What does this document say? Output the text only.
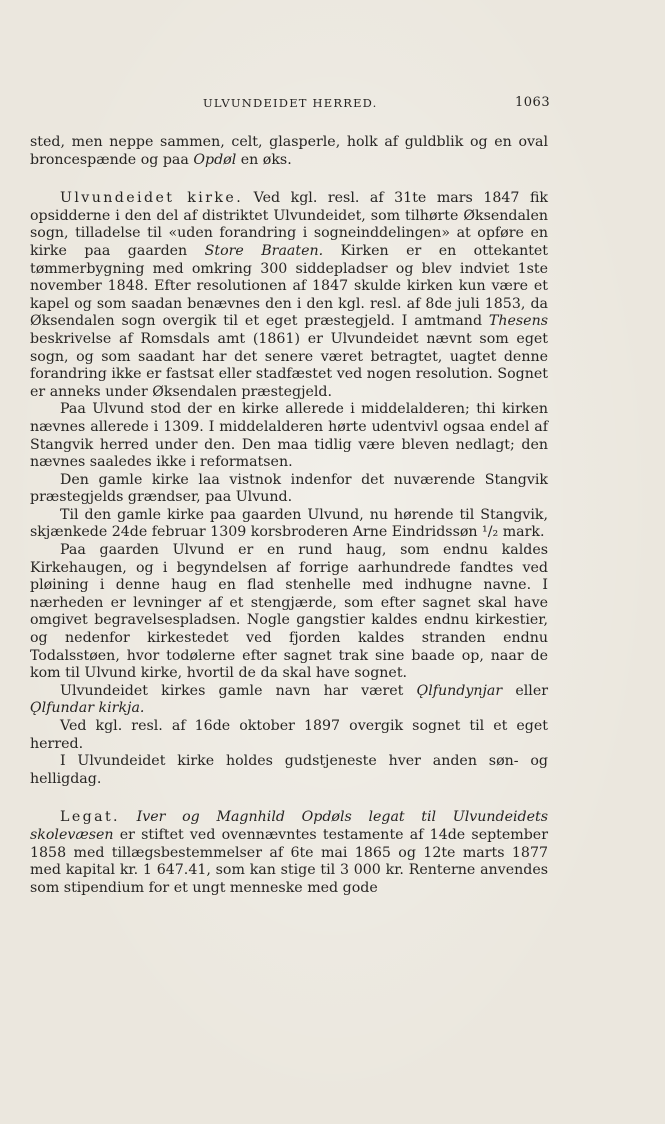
ULVUNDEIDET HERRED.	1063

sted, men neppe sammen, celt, glasperle, holk af guldblik og en oval broncespænde og paa Opdøl en øks.

Ulvundeidet kirke. Ved kgl. resl. af 31te mars 1847 fik opsidderne i den del af distriktet Ulvundeidet, som tilhørte Øksendalen sogn, tilladelse til «uden forandring i sogneinddelingen» at opføre en kirke paa gaarden Store Braaten. Kirken er en ottekantet tømmerbygning med omkring 300 siddepladser og blev indviet 1ste november 1848. Efter resolutionen af 1847 skulde kirken kun være et kapel og som saadan benævnes den i den kgl. resl. af 8de juli 1853, da Øksendalen sogn overgik til et eget præstegjeld. I amtmand Thesens beskrivelse af Romsdals amt (1861) er Ulvundeidet nævnt som eget sogn, og som saadant har det senere været betragtet, uagtet denne forandring ikke er fastsat eller stadfæstet ved nogen resolution. Sognet er anneks under Øksendalen præstegjeld.

Paa Ulvund stod der en kirke allerede i middelalderen; thi kirken nævnes allerede i 1309. I middelalderen hørte udentvivl ogsaa endel af Stangvik herred under den. Den maa tidlig være bleven nedlagt; den nævnes saaledes ikke i reformatsen.

Den gamle kirke laa vistnok indenfor det nuværende Stangvik præstegjelds grændser, paa Ulvund.

Til den gamle kirke paa gaarden Ulvund, nu hørende til Stangvik, skjænkede 24de februar 1309 korsbroderen Arne Eindridssøn ¹/₂ mark.

Paa gaarden Ulvund er en rund haug, som endnu kaldes Kirkehaugen, og i begyndelsen af forrige aarhundrede fandtes ved pløining i denne haug en flad stenhelle med indhugne navne. I nærheden er levninger af et stengjærde, som efter sagnet skal have omgivet begravelsespladsen. Nogle gangstier kaldes endnu kirkestier, og nedenfor kirkestedet ved fjorden kaldes stranden endnu Todalsstøen, hvor todølerne efter sagnet trak sine baade op, naar de kom til Ulvund kirke, hvortil de da skal have sognet.

Ulvundeidet kirkes gamle navn har været Ǫlfundynjar eller Ǫlfundar kirkja.

Ved kgl. resl. af 16de oktober 1897 overgik sognet til et eget herred.

I Ulvundeidet kirke holdes gudstjeneste hver anden søn- og helligdag.

Legat. Iver og Magnhild Opdøls legat til Ulvundeidets skolevæsen er stiftet ved ovennævntes testamente af 14de september 1858 med tillægsbestemmelser af 6te mai 1865 og 12te marts 1877 med kapital kr. 1 647.41, som kan stige til 3 000 kr. Renterne anvendes som stipendium for et ungt menneske med gode
